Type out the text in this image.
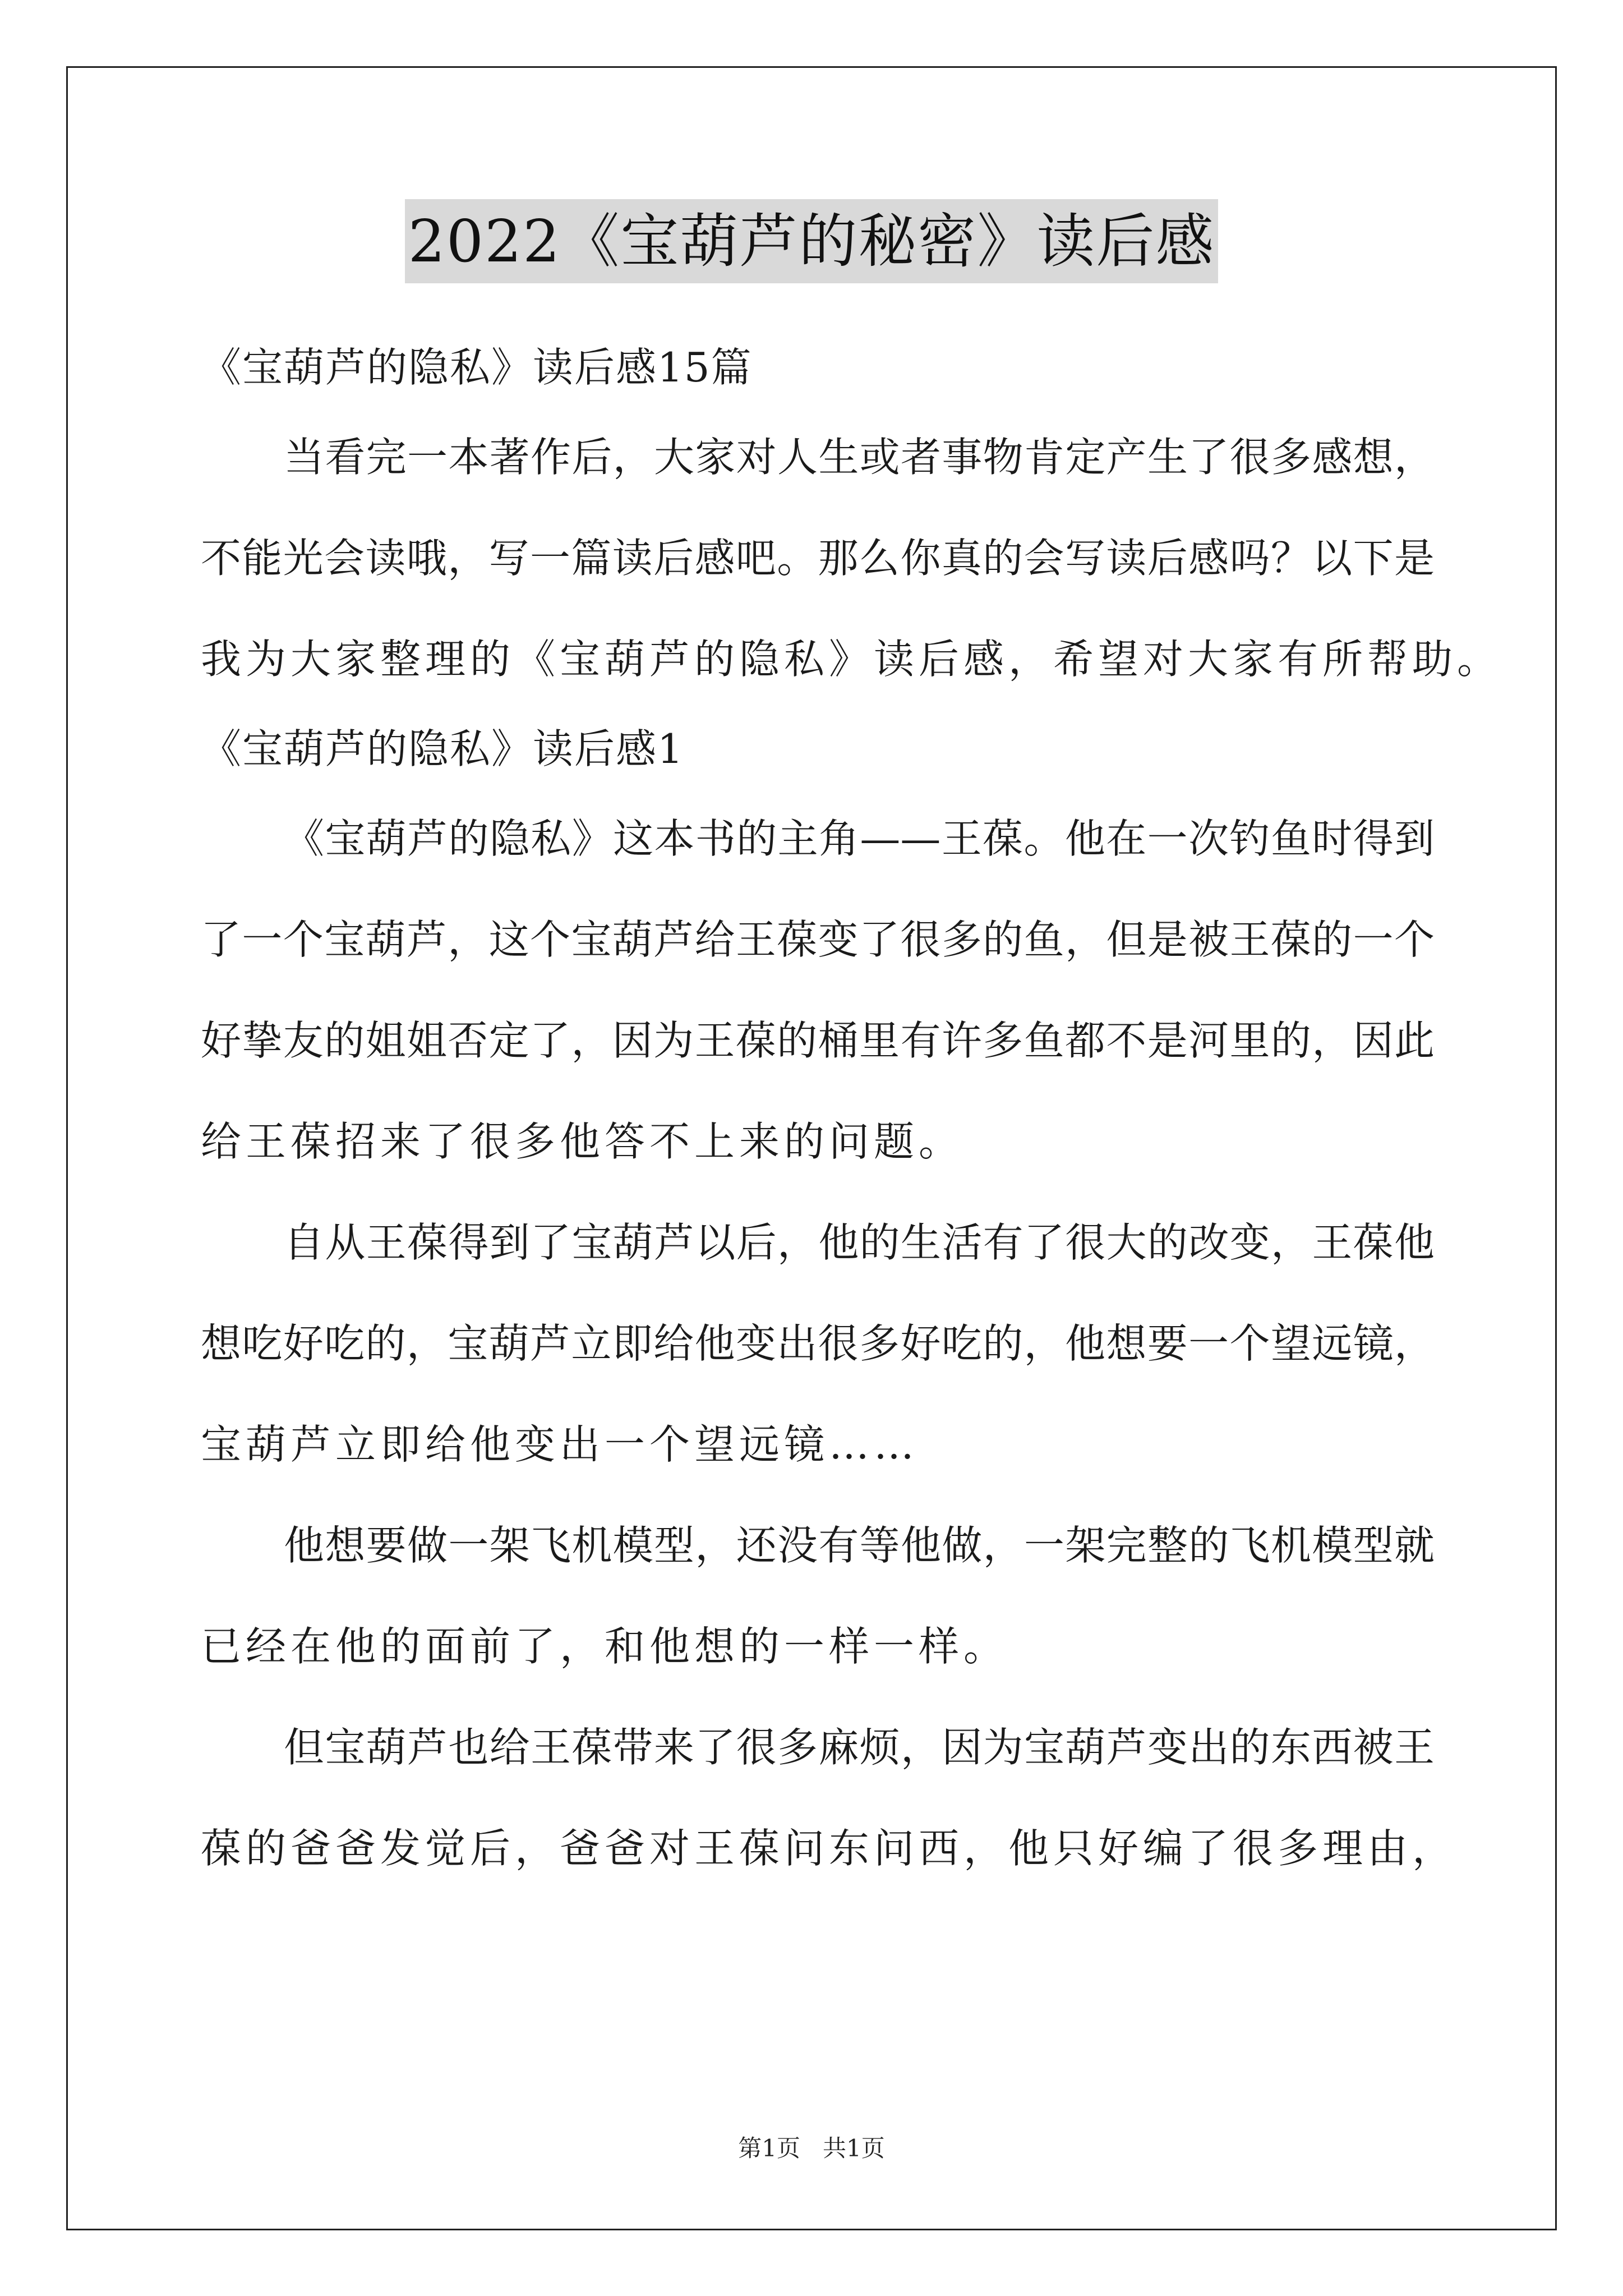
2022《宝葫芦的秘密》读后感

《宝葫芦的隐私》读后感15篇

当看完一本著作后，大家对人生或者事物肯定产生了很多感想，

不能光会读哦，写一篇读后感吧。那么你真的会写读后感吗？以下是

我为大家整理的《宝葫芦的隐私》读后感，希望对大家有所帮助。

《宝葫芦的隐私》读后感1

《宝葫芦的隐私》这本书的主角——王葆。他在一次钓鱼时得到

了一个宝葫芦，这个宝葫芦给王葆变了很多的鱼，但是被王葆的一个

好挚友的姐姐否定了，因为王葆的桶里有许多鱼都不是河里的，因此

给王葆招来了很多他答不上来的问题。

自从王葆得到了宝葫芦以后，他的生活有了很大的改变，王葆他

想吃好吃的，宝葫芦立即给他变出很多好吃的，他想要一个望远镜，

宝葫芦立即给他变出一个望远镜……

他想要做一架飞机模型，还没有等他做，一架完整的飞机模型就

已经在他的面前了，和他想的一样一样。

但宝葫芦也给王葆带来了很多麻烦，因为宝葫芦变出的东西被王

葆的爸爸发觉后，爸爸对王葆问东问西，他只好编了很多理由，

第1页   共1页
